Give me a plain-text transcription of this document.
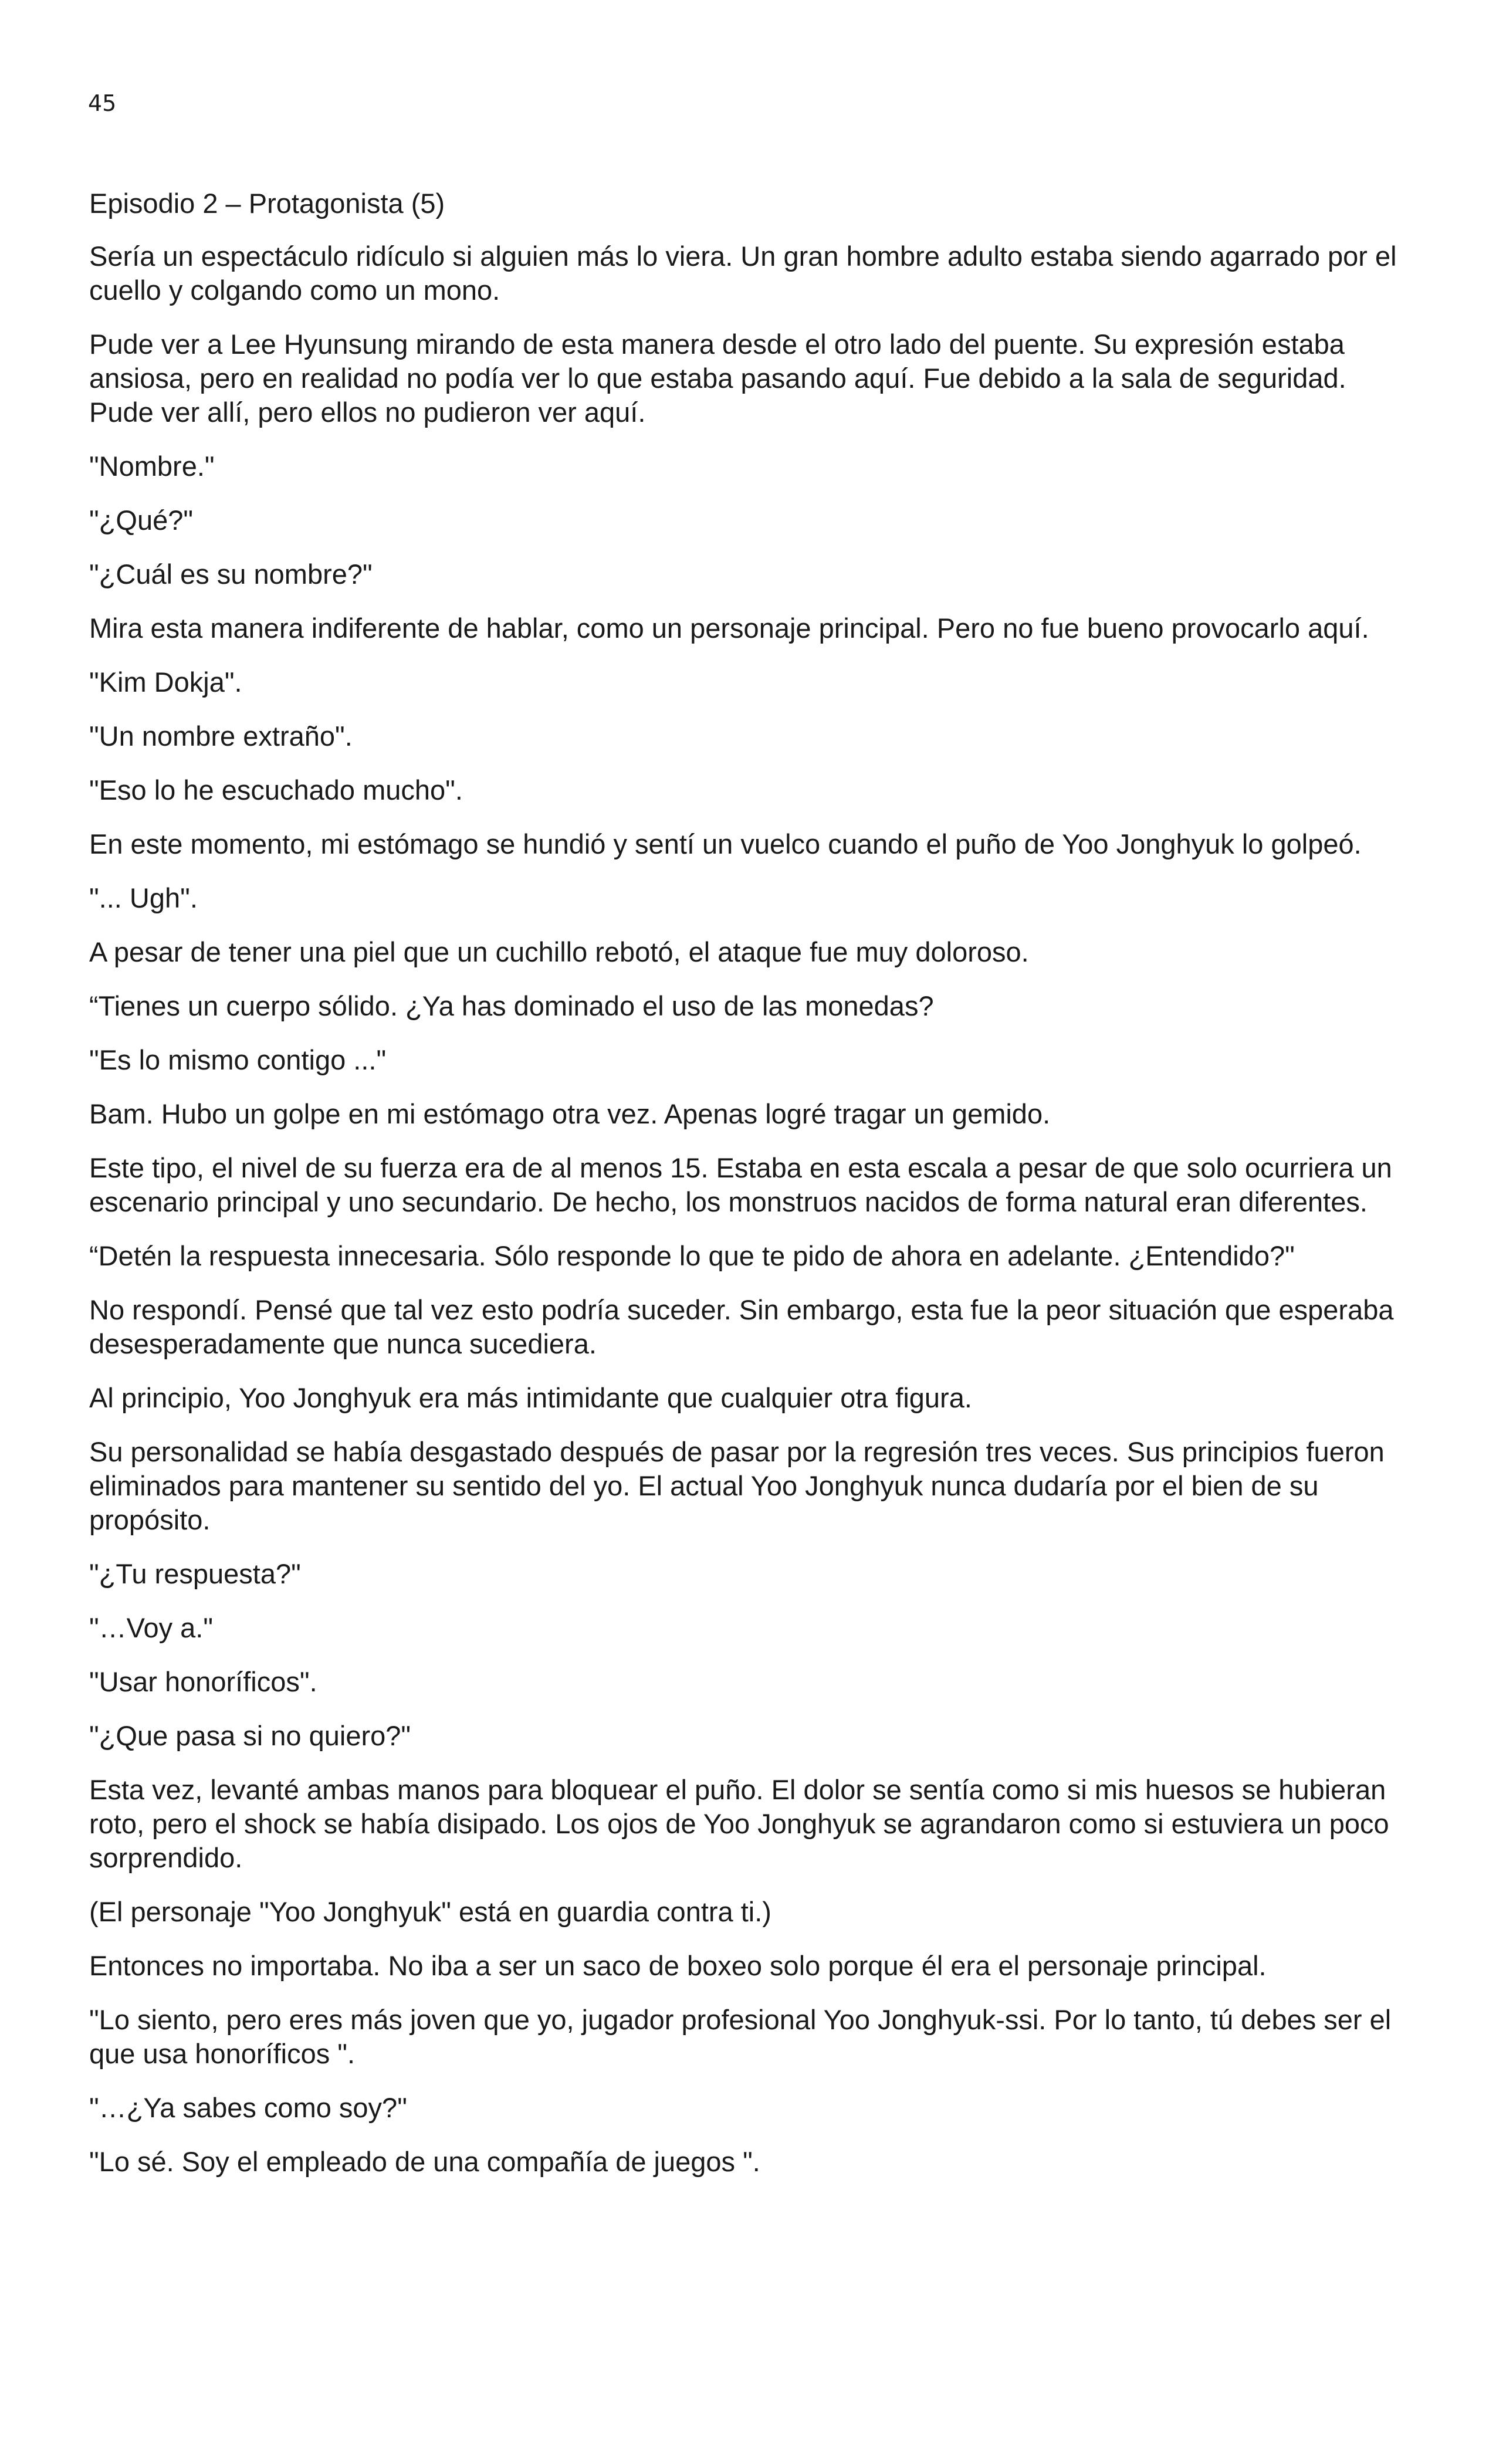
45
Episodio 2 – Protagonista (5)

Sería un espectáculo ridículo si alguien más lo viera. Un gran hombre adulto estaba siendo agarrado por el cuello y colgando como un mono.

Pude ver a Lee Hyunsung mirando de esta manera desde el otro lado del puente. Su expresión estaba ansiosa, pero en realidad no podía ver lo que estaba pasando aquí. Fue debido a la sala de seguridad. Pude ver allí, pero ellos no pudieron ver aquí.

"Nombre."

"¿Qué?"

"¿Cuál es su nombre?"

Mira esta manera indiferente de hablar, como un personaje principal. Pero no fue bueno provocarlo aquí.

"Kim Dokja".

"Un nombre extraño".

"Eso lo he escuchado mucho".

En este momento, mi estómago se hundió y sentí un vuelco cuando el puño de Yoo Jonghyuk lo golpeó.

"... Ugh".

A pesar de tener una piel que un cuchillo rebotó, el ataque fue muy doloroso.

“Tienes un cuerpo sólido. ¿Ya has dominado el uso de las monedas?

"Es lo mismo contigo ..."

Bam. Hubo un golpe en mi estómago otra vez. Apenas logré tragar un gemido.

Este tipo, el nivel de su fuerza era de al menos 15. Estaba en esta escala a pesar de que solo ocurriera un escenario principal y uno secundario. De hecho, los monstruos nacidos de forma natural eran diferentes.

“Detén la respuesta innecesaria. Sólo responde lo que te pido de ahora en adelante. ¿Entendido?"

No respondí. Pensé que tal vez esto podría suceder. Sin embargo, esta fue la peor situación que esperaba desesperadamente que nunca sucediera.

Al principio, Yoo Jonghyuk era más intimidante que cualquier otra figura.

Su personalidad se había desgastado después de pasar por la regresión tres veces. Sus principios fueron eliminados para mantener su sentido del yo. El actual Yoo Jonghyuk nunca dudaría por el bien de su propósito.

"¿Tu respuesta?"

"…Voy a."

"Usar honoríficos".

"¿Que pasa si no quiero?"

Esta vez, levanté ambas manos para bloquear el puño. El dolor se sentía como si mis huesos se hubieran roto, pero el shock se había disipado. Los ojos de Yoo Jonghyuk se agrandaron como si estuviera un poco sorprendido.

(El personaje "Yoo Jonghyuk" está en guardia contra ti.)

Entonces no importaba. No iba a ser un saco de boxeo solo porque él era el personaje principal.

"Lo siento, pero eres más joven que yo, jugador profesional Yoo Jonghyuk-ssi. Por lo tanto, tú debes ser el que usa honoríficos ".

"…¿Ya sabes como soy?"

"Lo sé. Soy el empleado de una compañía de juegos ".
